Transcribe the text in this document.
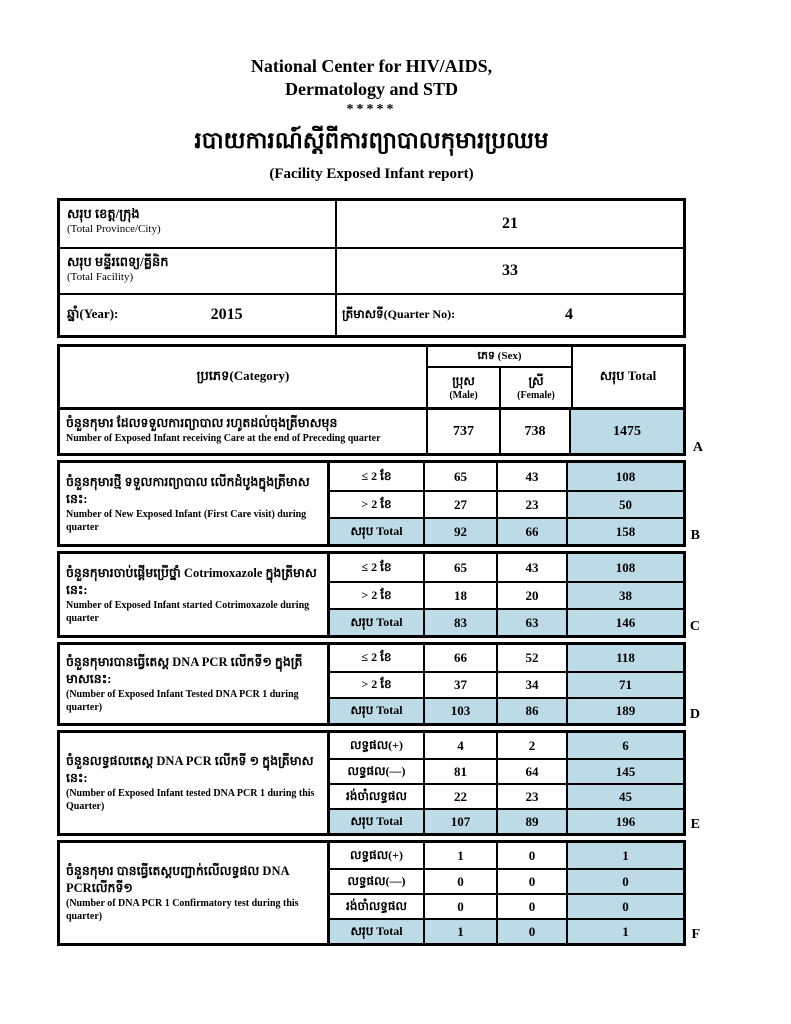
National Center for HIV/AIDS,
Dermatology and STD
*****
របាយការណ៍ស្តីពីការព្យាបាលកុមារប្រឈម
(Facility Exposed Infant report)
សរុប ខេត្ត/ក្រុង
(Total Province/City)	21
សរុប មន្ទីរពេទ្យ/គ្លីនិក
(Total Facility)	33
ឆ្នាំ(Year):	2015	ត្រីមាសទី(Quarter No):	4
ប្រភេទ(Category)
ភេទ (Sex)
ប្រុស
(Male)
ស្រី
(Female)
សរុប Total
ចំនួនកុមារ ដែលទទួលការព្យាបាល រហូតដល់ចុងត្រីមាសមុន
Number of Exposed Infant receiving Care at the end of Preceding quarter	737	738	1475
A
ចំនួនកុមារថ្មី ទទួលការព្យាបាល លើកដំបូងក្នុងត្រីមាសនេះ:
Number of New Exposed Infant (First Care visit) during quarter
≤ 2 ខែ	65	43	108
> 2 ខែ	27	23	50
សរុប Total	92	66	158	B
ចំនួនកុមារចាប់ផ្តើមប្រើថ្នាំ Cotrimoxazole ក្នុងត្រីមាសនេះ:
Number of Exposed Infant started Cotrimoxazole during quarter
≤ 2 ខែ	65	43	108
> 2 ខែ	18	20	38
សរុប Total	83	63	146	C
ចំនួនកុមារបានធ្វើតេស្ត DNA PCR លើកទី១ ក្នុងត្រីមាសនេះ:
(Number of Exposed Infant Tested DNA PCR 1 during quarter)
≤ 2 ខែ	66	52	118
> 2 ខែ	37	34	71
សរុប Total	103	86	189	D
ចំនួនលទ្ធផលតេស្ត DNA PCR លើកទី ១ ក្នុងត្រីមាសនេះ:
(Number of Exposed Infant tested DNA PCR 1 during this Quarter)
លទ្ធផល(+)	4	2	6
លទ្ធផល(—)	81	64	145
រង់ចាំលទ្ធផល	22	23	45
សរុប Total	107	89	196	E
ចំនួនកុមារ បានធ្វើតេស្តបញ្ជាក់លើលទ្ធផល DNA PCRលើកទី១
(Number of DNA PCR 1 Confirmatory test during this quarter)
លទ្ធផល(+)	1	0	1
លទ្ធផល(—)	0	0	0
រង់ចាំលទ្ធផល	0	0	0
សរុប Total	1	0	1	F
